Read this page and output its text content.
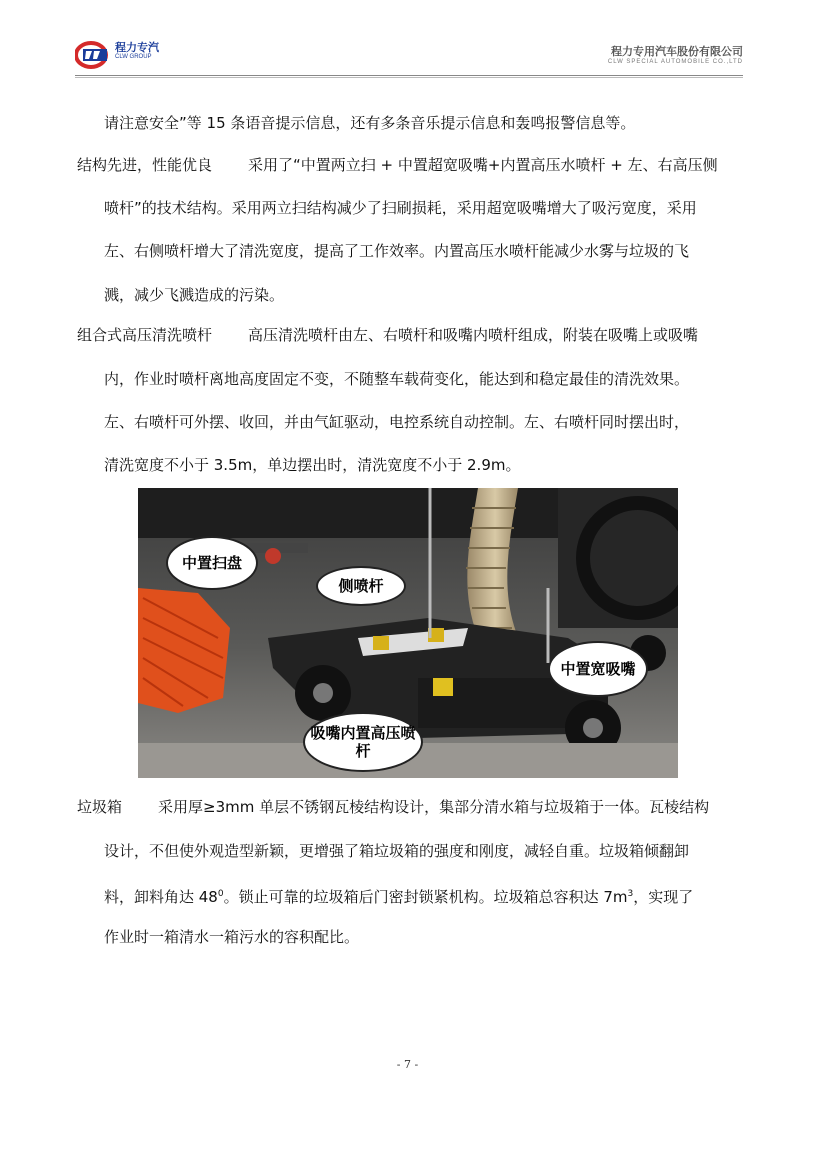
程力专汽
CLW GROUP	程力专用汽车股份有限公司
CLW SPECIAL AUTOMOBILE CO.,LTD
请注意安全”等 15 条语音提示信息，还有多条音乐提示信息和轰鸣报警信息等。
结构先进，性能优良 采用了“中置两立扫 + 中置超宽吸嘴+内置高压水喷杆 + 左、右高压侧
喷杆”的技术结构。采用两立扫结构减少了扫刷损耗，采用超宽吸嘴增大了吸污宽度，采用
左、右侧喷杆增大了清洗宽度，提高了工作效率。内置高压水喷杆能减少水雾与垃圾的飞
溅，减少飞溅造成的污染。
组合式高压清洗喷杆 高压清洗喷杆由左、右喷杆和吸嘴内喷杆组成，附装在吸嘴上或吸嘴
内，作业时喷杆离地高度固定不变，不随整车载荷变化，能达到和稳定最佳的清洗效果。
左、右喷杆可外摆、收回，并由气缸驱动，电控系统自动控制。左、右喷杆同时摆出时，
清洗宽度不小于 3.5m，单边摆出时，清洗宽度不小于 2.9m。
中置扫盘
侧喷杆
中置宽吸嘴
吸嘴内置高压喷杆
垃圾箱 采用厚≥3mm 单层不锈钢瓦棱结构设计，集部分清水箱与垃圾箱于一体。瓦棱结构
设计，不但使外观造型新颖，更增强了箱垃圾箱的强度和刚度，减轻自重。垃圾箱倾翻卸
料，卸料角达 $48^0$。锁止可靠的垃圾箱后门密封锁紧机构。垃圾箱总容积达 $7m^3$，实现了
作业时一箱清水一箱污水的容积配比。
- 7 -
